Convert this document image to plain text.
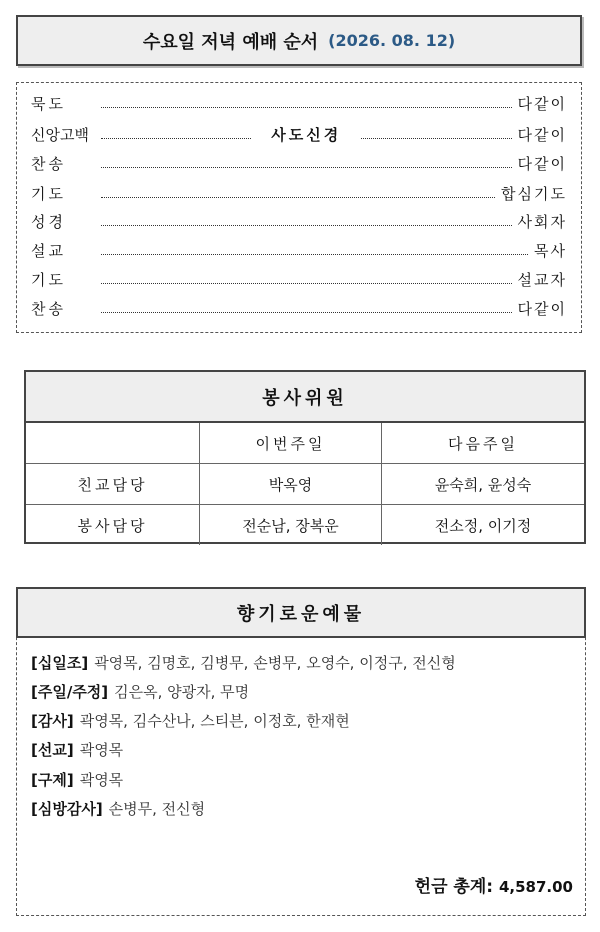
수요일 저녁 예배 순서 (2026. 08. 12)
묵도	다같이
신앙고백	사도신경	다같이
찬송	다같이
기도	합심기도
성경	사회자
설교	목사
기도	설교자
찬송	다같이
봉사위원
	이번주일	다음주일
친교담당	박옥영	윤숙희, 윤성숙
봉사담당	전순남, 장복운	전소정, 이기정
향기로운예물
[십일조] 곽영목, 김명호, 김병무, 손병무, 오영수, 이정구, 전신형
[주일/주정] 김은옥, 양광자, 무명
[감사] 곽영목, 김수산나, 스티븐, 이정호, 한재현
[선교] 곽영목
[구제] 곽영목
[심방감사] 손병무, 전신형
헌금 총계: 4,587.00
